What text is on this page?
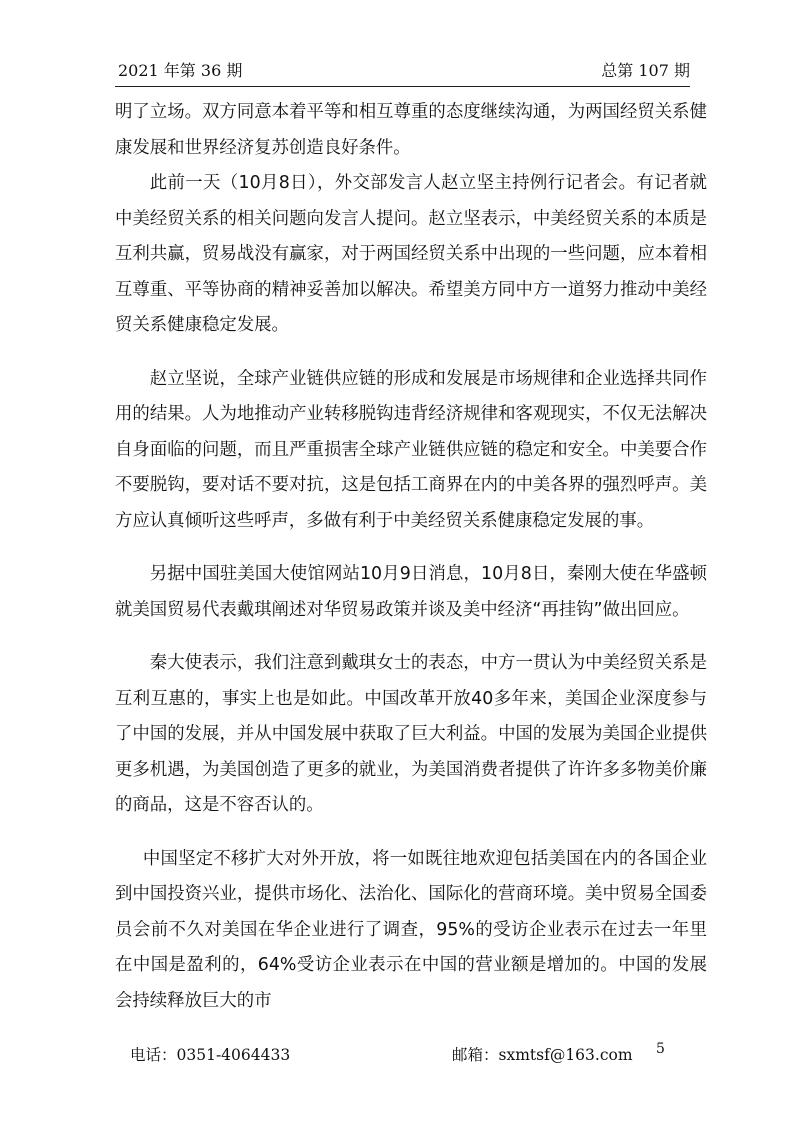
2021 年第 36 期	总第 107 期

明了立场。双方同意本着平等和相互尊重的态度继续沟通，为两国经贸关系健康发展和世界经济复苏创造良好条件。

此前一天（10月8日），外交部发言人赵立坚主持例行记者会。有记者就中美经贸关系的相关问题向发言人提问。赵立坚表示，中美经贸关系的本质是互利共赢，贸易战没有赢家，对于两国经贸关系中出现的一些问题，应本着相互尊重、平等协商的精神妥善加以解决。希望美方同中方一道努力推动中美经贸关系健康稳定发展。

赵立坚说，全球产业链供应链的形成和发展是市场规律和企业选择共同作用的结果。人为地推动产业转移脱钩违背经济规律和客观现实，不仅无法解决自身面临的问题，而且严重损害全球产业链供应链的稳定和安全。中美要合作不要脱钩，要对话不要对抗，这是包括工商界在内的中美各界的强烈呼声。美方应认真倾听这些呼声，多做有利于中美经贸关系健康稳定发展的事。

另据中国驻美国大使馆网站10月9日消息，10月8日，秦刚大使在华盛顿就美国贸易代表戴琪阐述对华贸易政策并谈及美中经济“再挂钩”做出回应。

秦大使表示，我们注意到戴琪女士的表态，中方一贯认为中美经贸关系是互利互惠的，事实上也是如此。中国改革开放40多年来，美国企业深度参与了中国的发展，并从中国发展中获取了巨大利益。中国的发展为美国企业提供更多机遇，为美国创造了更多的就业，为美国消费者提供了许许多多物美价廉的商品，这是不容否认的。

中国坚定不移扩大对外开放，将一如既往地欢迎包括美国在内的各国企业到中国投资兴业，提供市场化、法治化、国际化的营商环境。美中贸易全国委员会前不久对美国在华企业进行了调查，95%的受访企业表示在过去一年里在中国是盈利的，64%受访企业表示在中国的营业额是增加的。中国的发展会持续释放巨大的市

电话：0351-4064433	邮箱：sxmtsf@163.com 5
